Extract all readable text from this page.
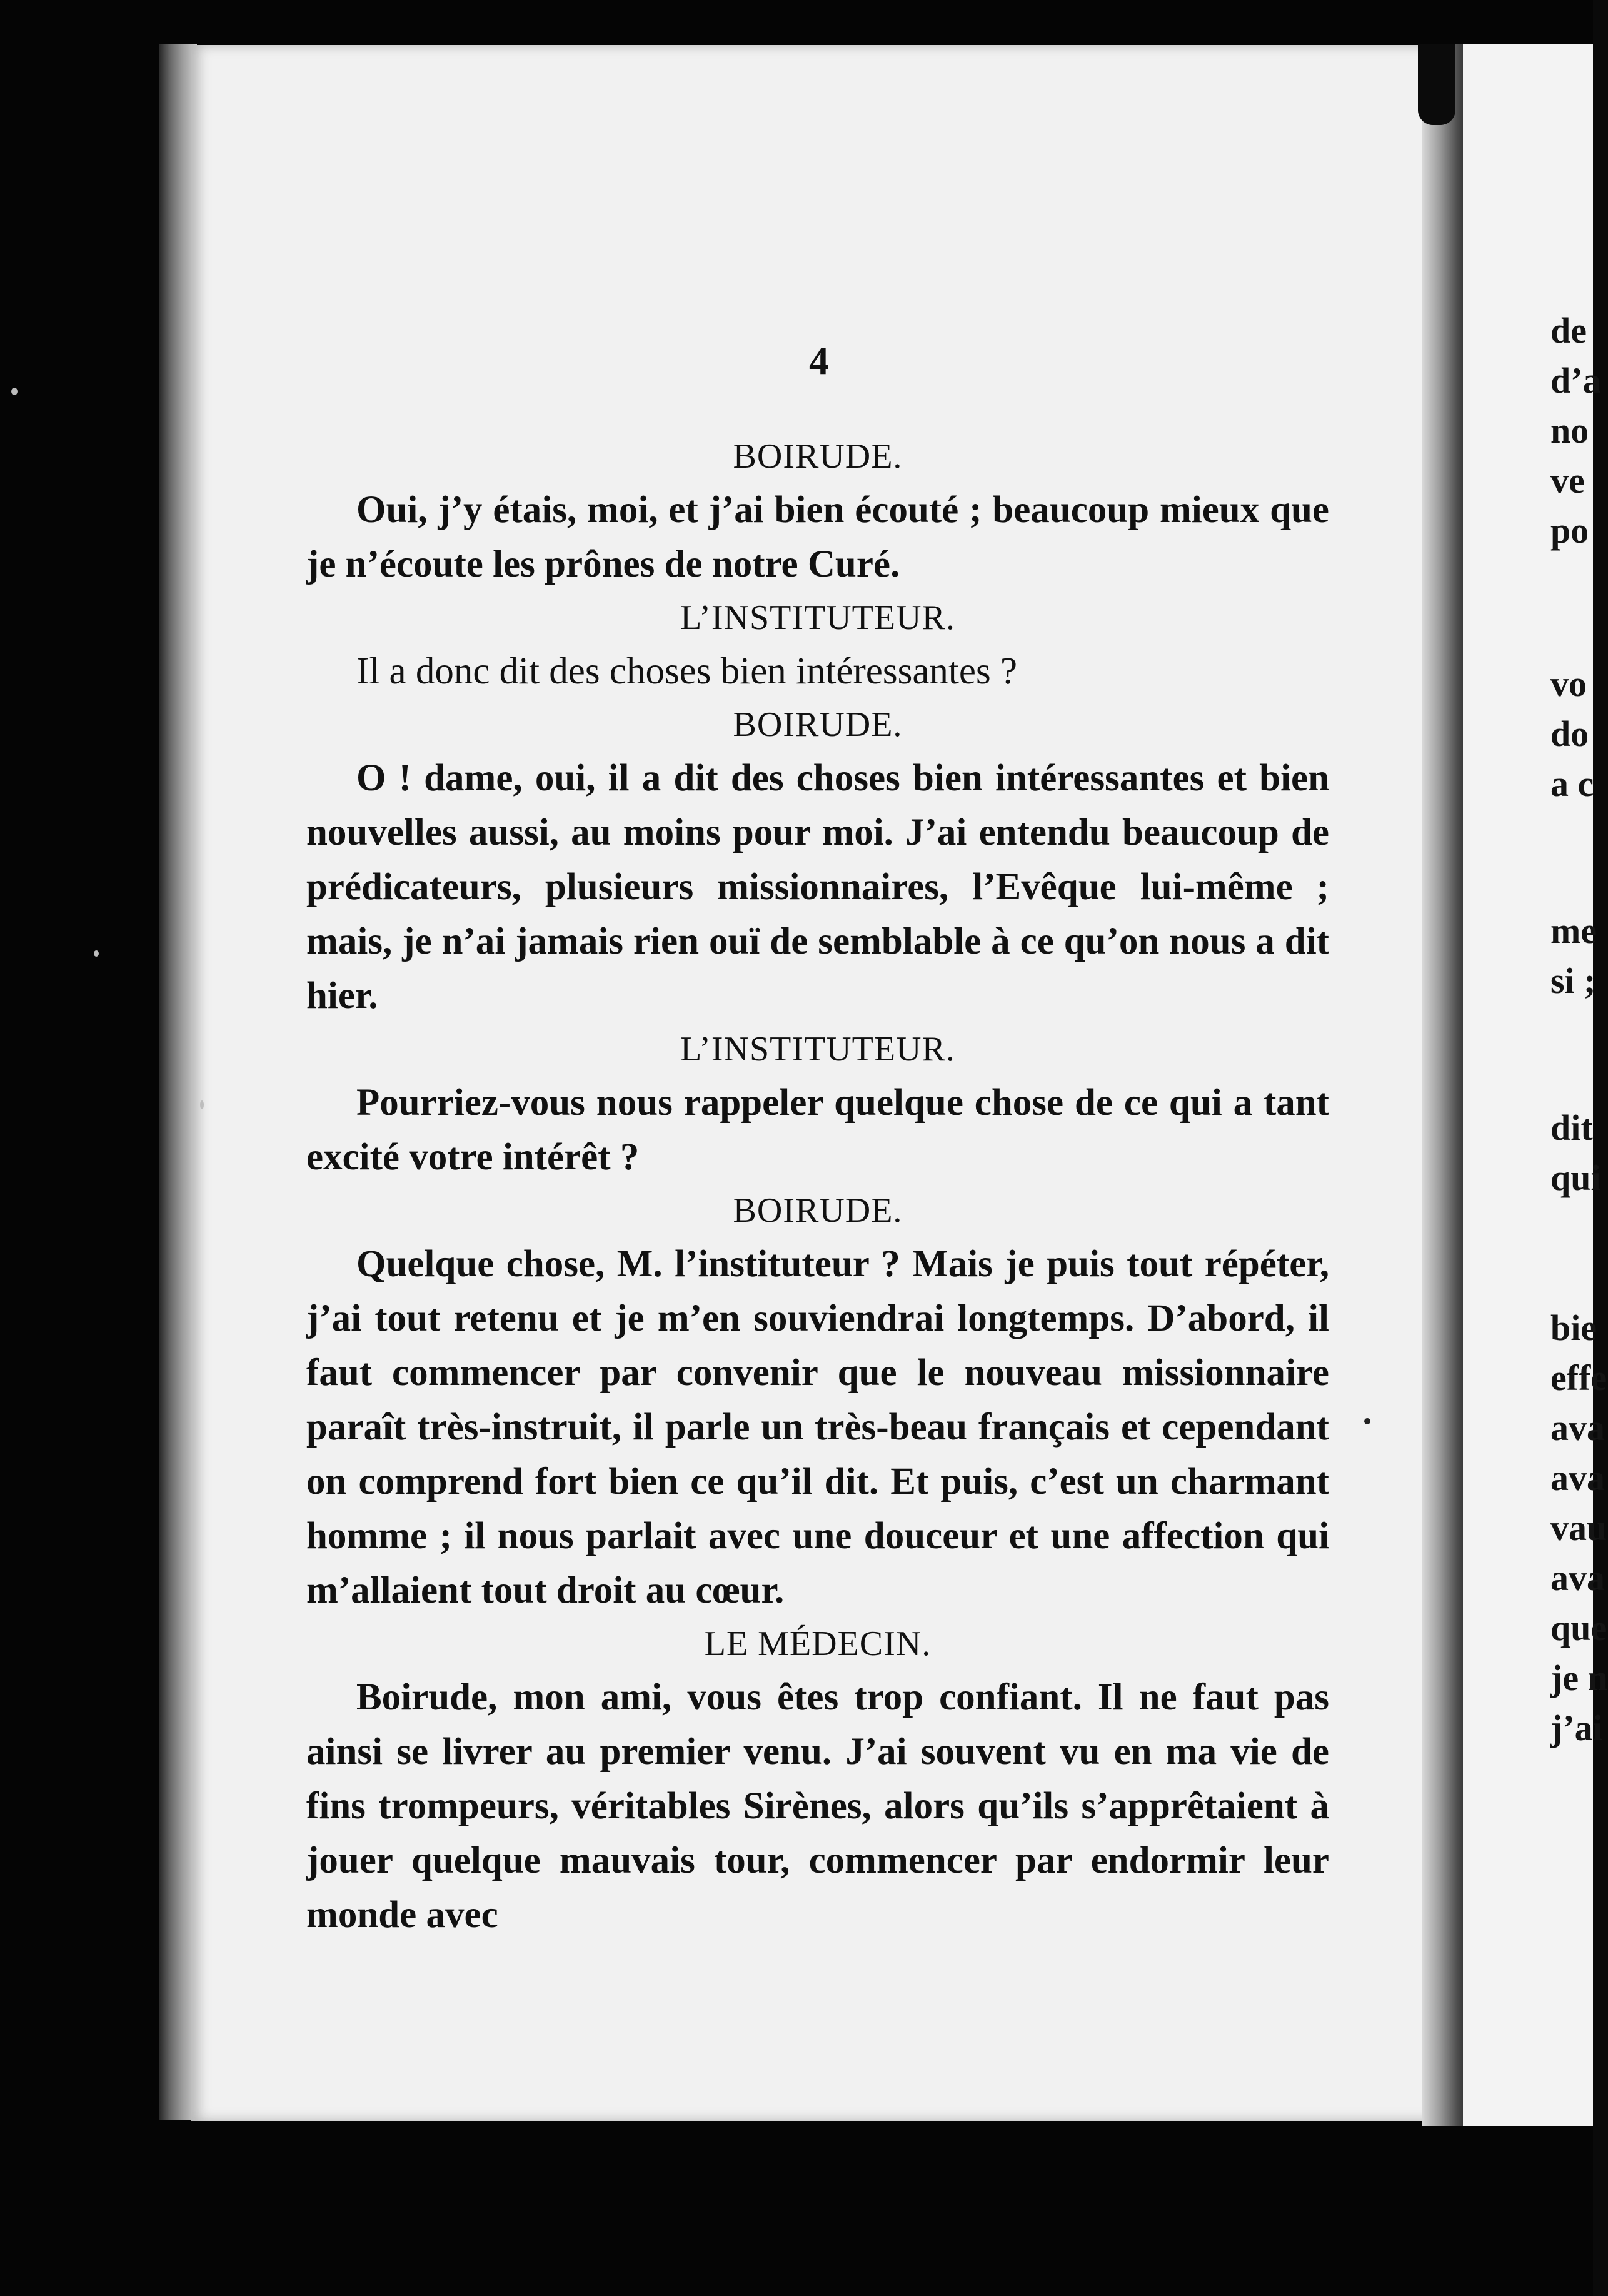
de
d’a
no
ve
po
vo
do
a c
me
si ;
dit
qui
bie
effe
ava
ava
vau
ava
que
je n
j’ai
4
BOIRUDE.

Oui, j’y étais, moi, et j’ai bien écouté ; beaucoup mieux que je n’écoute les prônes de notre Curé.

L’INSTITUTEUR.

Il a donc dit des choses bien intéressantes ?

BOIRUDE.

O ! dame, oui, il a dit des choses bien intéressantes et bien nouvelles aussi, au moins pour moi. J’ai entendu beaucoup de prédicateurs, plusieurs missionnaires, l’Evêque lui-même ; mais, je n’ai jamais rien ouï de semblable à ce qu’on nous a dit hier.

L’INSTITUTEUR.

Pourriez-vous nous rappeler quelque chose de ce qui a tant excité votre intérêt ?

BOIRUDE.

Quelque chose, M. l’instituteur ? Mais je puis tout répéter, j’ai tout retenu et je m’en souviendrai longtemps. D’abord, il faut commencer par convenir que le nouveau missionnaire paraît très-instruit, il parle un très-beau français et cependant on comprend fort bien ce qu’il dit. Et puis, c’est un charmant homme ; il nous parlait avec une douceur et une affection qui m’allaient tout droit au cœur.

LE MÉDECIN.

Boirude, mon ami, vous êtes trop confiant. Il ne faut pas ainsi se livrer au premier venu. J’ai souvent vu en ma vie de fins trompeurs, véritables Sirènes, alors qu’ils s’apprêtaient à jouer quelque mauvais tour, commencer par endormir leur monde avec
